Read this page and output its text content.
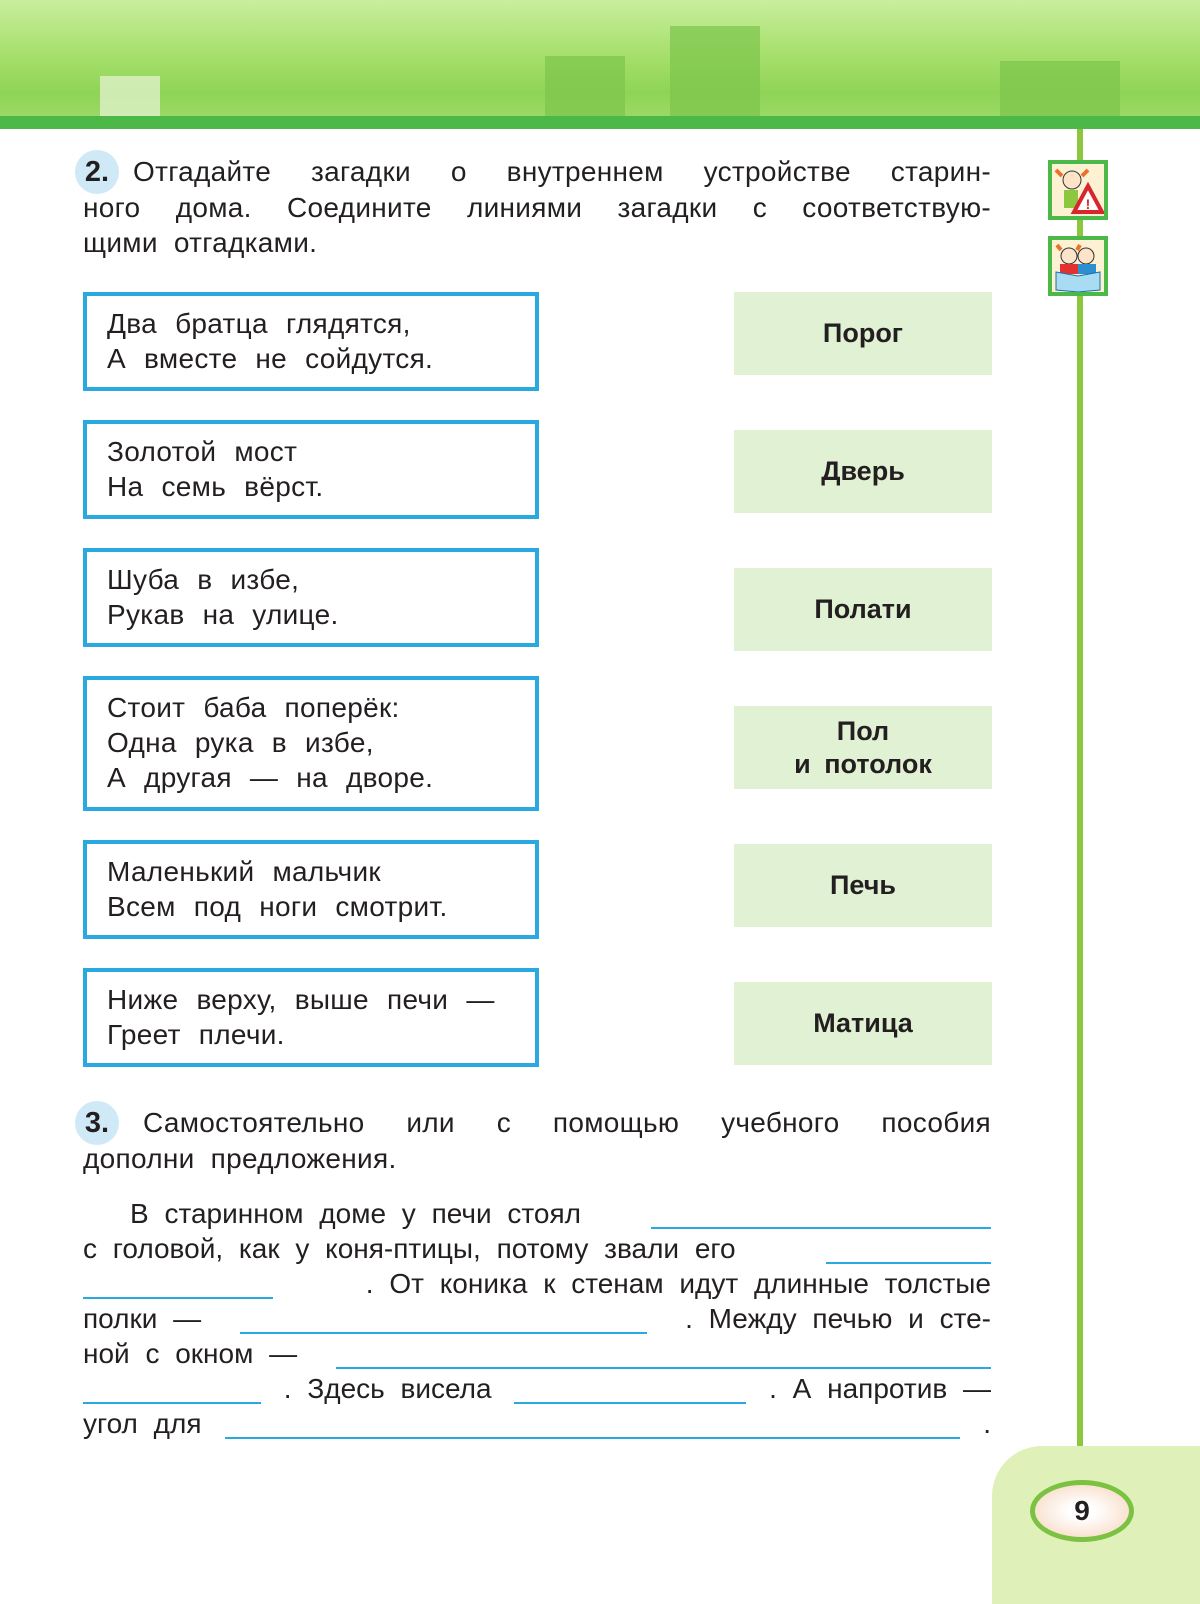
!
2. Отгадайте загадки о внутреннем устройстве старин-
ного дома. Соедините линиями загадки с соответствую-
щими отгадками.
Два братца глядятся,
А вместе не сойдутся.
Золотой мост
На семь вёрст.
Шуба в избе,
Рукав на улице.
Стоит баба поперёк:
Одна рука в избе,
А другая — на дворе.
Маленький мальчик
Всем под ноги смотрит.
Ниже верху, выше печи —
Греет плечи.
Порог
Дверь
Полати
Пол
и потолок
Печь
Матица
3.	Самостоятельно или с помощью учебного пособия
дополни предложения.
В старинном доме у печи стоял
с головой, как у коня-птицы, потому звали его
. От коника к стенам идут длинные толстые
полки —	. Между печью и сте-
ной с окном —
. Здесь висела	. А напротив —
угол для	.
9
